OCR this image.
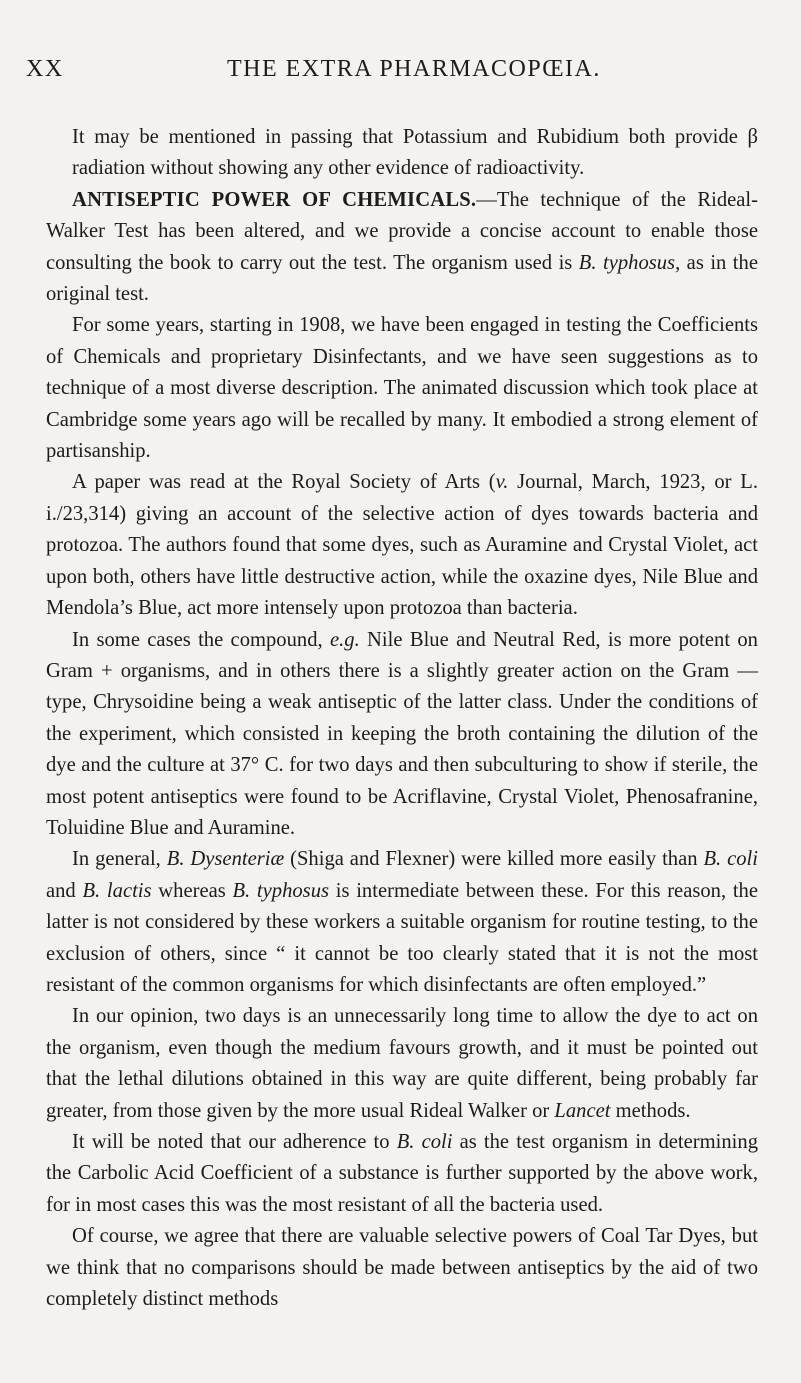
XX	THE EXTRA PHARMACOPŒIA.

It may be mentioned in passing that Potassium and Rubidium both provide β radiation without showing any other evidence of radioactivity.

ANTISEPTIC POWER OF CHEMICALS.—The technique of the Rideal-Walker Test has been altered, and we provide a concise account to enable those consulting the book to carry out the test. The organism used is B. typhosus, as in the original test.

For some years, starting in 1908, we have been engaged in testing the Coefficients of Chemicals and proprietary Disinfectants, and we have seen suggestions as to technique of a most diverse description. The animated discussion which took place at Cambridge some years ago will be recalled by many. It embodied a strong element of partisanship.

A paper was read at the Royal Society of Arts (v. Journal, March, 1923, or L. i./23,314) giving an account of the selective action of dyes towards bacteria and protozoa. The authors found that some dyes, such as Auramine and Crystal Violet, act upon both, others have little destructive action, while the oxazine dyes, Nile Blue and Mendola’s Blue, act more intensely upon protozoa than bacteria.

In some cases the compound, e.g. Nile Blue and Neutral Red, is more potent on Gram + organisms, and in others there is a slightly greater action on the Gram — type, Chrysoidine being a weak antiseptic of the latter class. Under the conditions of the experiment, which consisted in keeping the broth containing the dilution of the dye and the culture at 37° C. for two days and then subculturing to show if sterile, the most potent antiseptics were found to be Acriflavine, Crystal Violet, Phenosafranine, Toluidine Blue and Auramine.

In general, B. Dysenteriæ (Shiga and Flexner) were killed more easily than B. coli and B. lactis whereas B. typhosus is intermediate between these. For this reason, the latter is not considered by these workers a suitable organism for routine testing, to the exclusion of others, since “ it cannot be too clearly stated that it is not the most resistant of the common organisms for which disinfectants are often employed.”

In our opinion, two days is an unnecessarily long time to allow the dye to act on the organism, even though the medium favours growth, and it must be pointed out that the lethal dilutions obtained in this way are quite different, being probably far greater, from those given by the more usual Rideal Walker or Lancet methods.

It will be noted that our adherence to B. coli as the test organism in determining the Carbolic Acid Coefficient of a substance is further supported by the above work, for in most cases this was the most resistant of all the bacteria used.

Of course, we agree that there are valuable selective powers of Coal Tar Dyes, but we think that no comparisons should be made between antiseptics by the aid of two completely distinct methods
